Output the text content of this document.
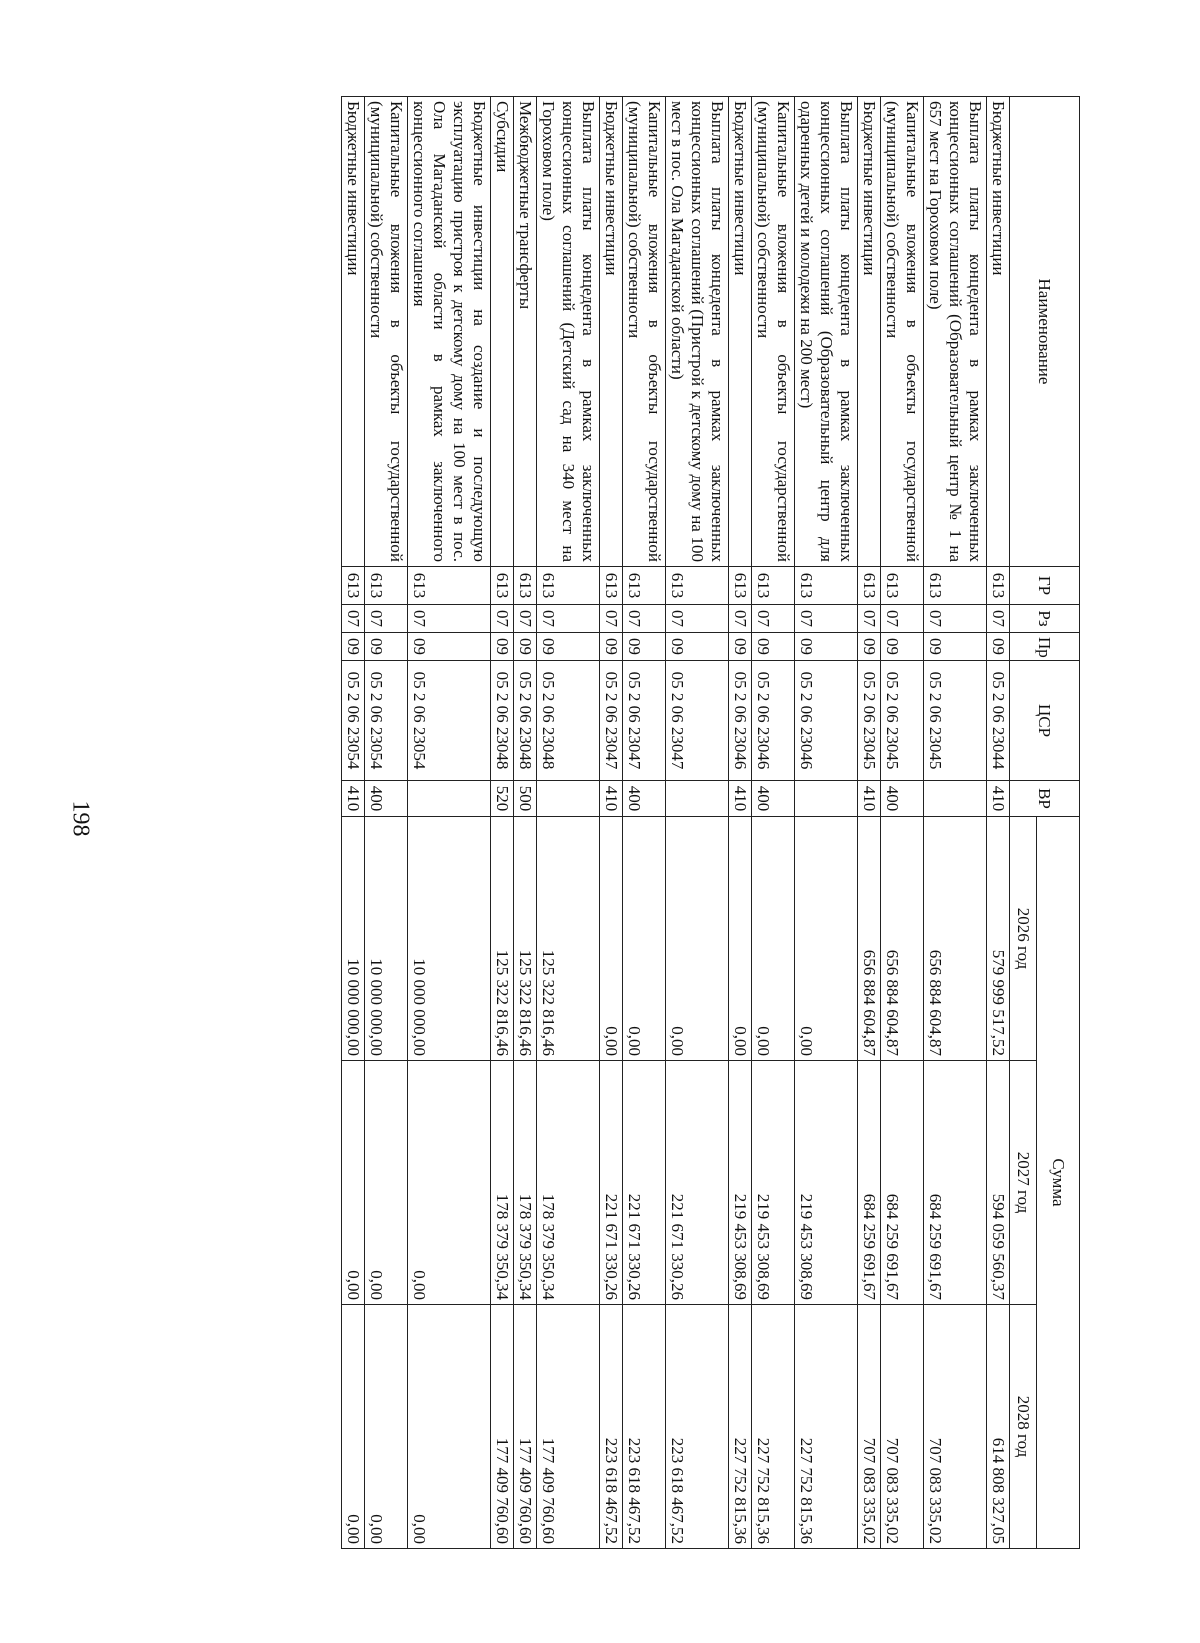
198
Наименование	ГР	Рз	Пр	ЦСР	ВР	Сумма		
						2026 год	2027 год	2028 год
Бюджетные инвестиции	613	07	09	05 2 06 23044	410	579 999 517,52	594 059 560,37	614 808 327,05
Выплата платы концедента в рамках заключенных концессионных соглашений (Образовательный центр № 1 на 657 мест на Гороховом поле)	613	07	09	05 2 06 23045		656 884 604,87	684 259 691,67	707 083 335,02
Капитальные вложения в объекты государственной (муниципальной) собственности	613	07	09	05 2 06 23045	400	656 884 604,87	684 259 691,67	707 083 335,02
Бюджетные инвестиции	613	07	09	05 2 06 23045	410	656 884 604,87	684 259 691,67	707 083 335,02
Выплата платы концедента в рамках заключенных концессионных соглашений (Образовательный центр для одаренных детей и молодежи на 200 мест)	613	07	09	05 2 06 23046		0,00	219 453 308,69	227 752 815,36
Капитальные вложения в объекты государственной (муниципальной) собственности	613	07	09	05 2 06 23046	400	0,00	219 453 308,69	227 752 815,36
Бюджетные инвестиции	613	07	09	05 2 06 23046	410	0,00	219 453 308,69	227 752 815,36
Выплата платы концедента в рамках заключенных концессионных соглашений (Пристрой к детскому дому на 100 мест в пос. Ола Магаданской области)	613	07	09	05 2 06 23047		0,00	221 671 330,26	223 618 467,52
Капитальные вложения в объекты государственной (муниципальной) собственности	613	07	09	05 2 06 23047	400	0,00	221 671 330,26	223 618 467,52
Бюджетные инвестиции	613	07	09	05 2 06 23047	410	0,00	221 671 330,26	223 618 467,52
Выплата платы концедента в рамках заключенных концессионных соглашений (Детский сад на 340 мест на Гороховом поле)	613	07	09	05 2 06 23048		125 322 816,46	178 379 350,34	177 409 760,60
Межбюджетные трансферты	613	07	09	05 2 06 23048	500	125 322 816,46	178 379 350,34	177 409 760,60
Субсидии	613	07	09	05 2 06 23048	520	125 322 816,46	178 379 350,34	177 409 760,60
Бюджетные инвестиции на создание и последующую эксплуатацию пристроя к детскому дому на 100 мест в пос. Ола Магаданской области в рамках заключенного концессионного соглашения	613	07	09	05 2 06 23054		10 000 000,00	0,00	0,00
Капитальные вложения в объекты государственной (муниципальной) собственности	613	07	09	05 2 06 23054	400	10 000 000,00	0,00	0,00
Бюджетные инвестиции	613	07	09	05 2 06 23054	410	10 000 000,00	0,00	0,00
